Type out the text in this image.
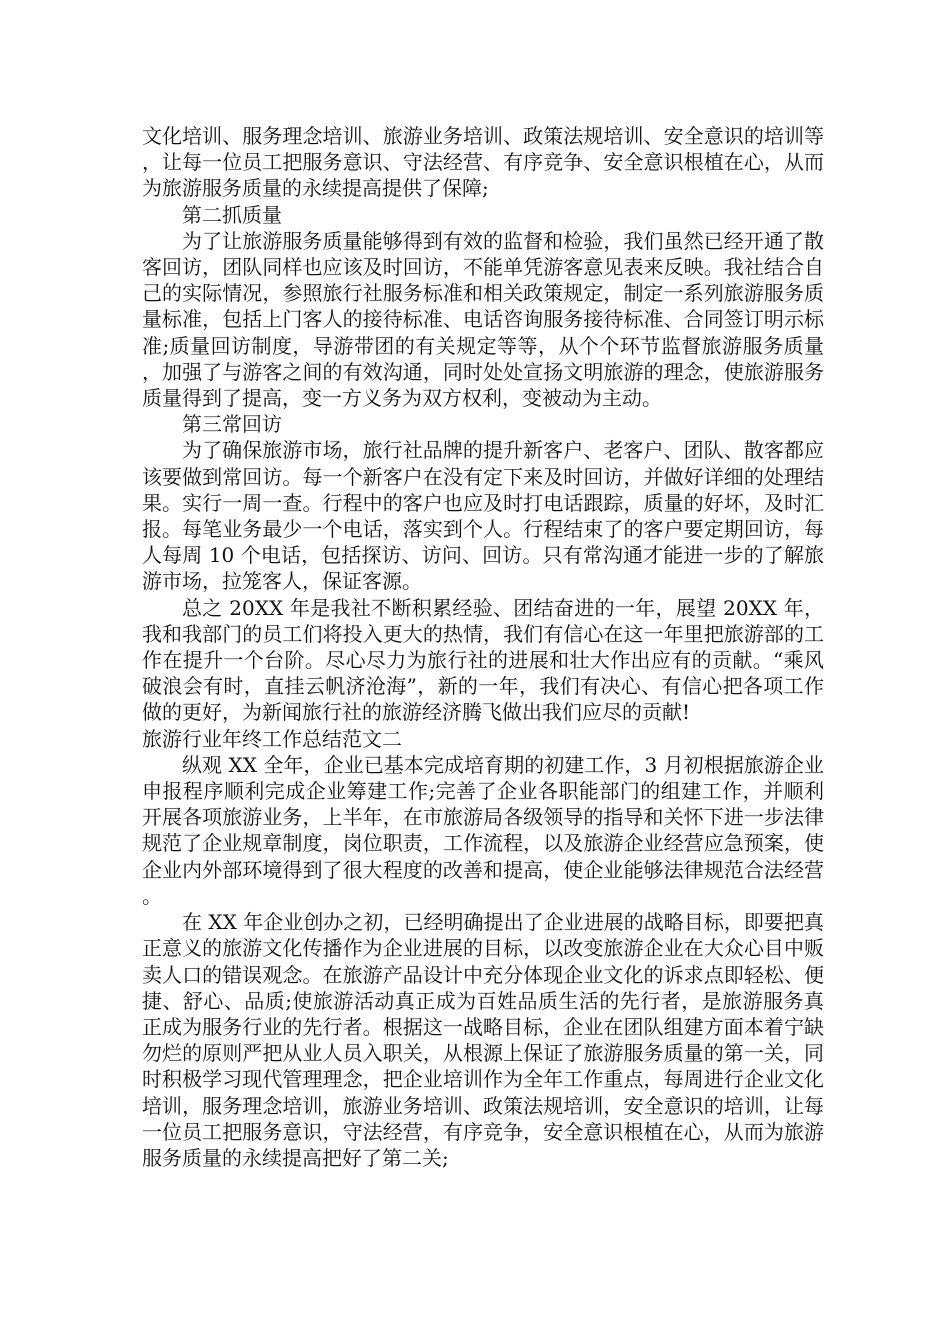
文化培训、服务理念培训、旅游业务培训、政策法规培训、安全意识的培训等，让每一位员工把服务意识、守法经营、有序竞争、安全意识根植在心，从而为旅游服务质量的永续提高提供了保障;

第二抓质量

为了让旅游服务质量能够得到有效的监督和检验，我们虽然已经开通了散客回访，团队同样也应该及时回访，不能单凭游客意见表来反映。我社结合自己的实际情况，参照旅行社服务标准和相关政策规定，制定一系列旅游服务质量标准，包括上门客人的接待标准、电话咨询服务接待标准、合同签订明示标准;质量回访制度，导游带团的有关规定等等，从个个环节监督旅游服务质量，加强了与游客之间的有效沟通，同时处处宣扬文明旅游的理念，使旅游服务质量得到了提高，变一方义务为双方权利，变被动为主动。

第三常回访

为了确保旅游市场，旅行社品牌的提升新客户、老客户、团队、散客都应该要做到常回访。每一个新客户在没有定下来及时回访，并做好详细的处理结果。实行一周一查。行程中的客户也应及时打电话跟踪，质量的好坏，及时汇报。每笔业务最少一个电话，落实到个人。行程结束了的客户要定期回访，每人每周 10 个电话，包括探访、访问、回访。只有常沟通才能进一步的了解旅游市场，拉笼客人，保证客源。

总之 20XX 年是我社不断积累经验、团结奋进的一年，展望 20XX 年，我和我部门的员工们将投入更大的热情，我们有信心在这一年里把旅游部的工作在提升一个台阶。尽心尽力为旅行社的进展和壮大作出应有的贡献。“乘风破浪会有时，直挂云帆济沧海”，新的一年，我们有决心、有信心把各项工作做的更好，为新闻旅行社的旅游经济腾飞做出我们应尽的贡献!

旅游行业年终工作总结范文二

纵观 XX 全年，企业已基本完成培育期的初建工作，3 月初根据旅游企业申报程序顺利完成企业筹建工作;完善了企业各职能部门的组建工作，并顺利开展各项旅游业务，上半年，在市旅游局各级领导的指导和关怀下进一步法律规范了企业规章制度，岗位职责，工作流程，以及旅游企业经营应急预案，使企业内外部环境得到了很大程度的改善和提高，使企业能够法律规范合法经营。

在 XX 年企业创办之初，已经明确提出了企业进展的战略目标，即要把真正意义的旅游文化传播作为企业进展的目标，以改变旅游企业在大众心目中贩卖人口的错误观念。在旅游产品设计中充分体现企业文化的诉求点即轻松、便捷、舒心、品质;使旅游活动真正成为百姓品质生活的先行者，是旅游服务真正成为服务行业的先行者。根据这一战略目标，企业在团队组建方面本着宁缺勿烂的原则严把从业人员入职关，从根源上保证了旅游服务质量的第一关，同时积极学习现代管理理念，把企业培训作为全年工作重点，每周进行企业文化培训，服务理念培训，旅游业务培训、政策法规培训，安全意识的培训，让每一位员工把服务意识，守法经营，有序竞争，安全意识根植在心，从而为旅游服务质量的永续提高把好了第二关;
